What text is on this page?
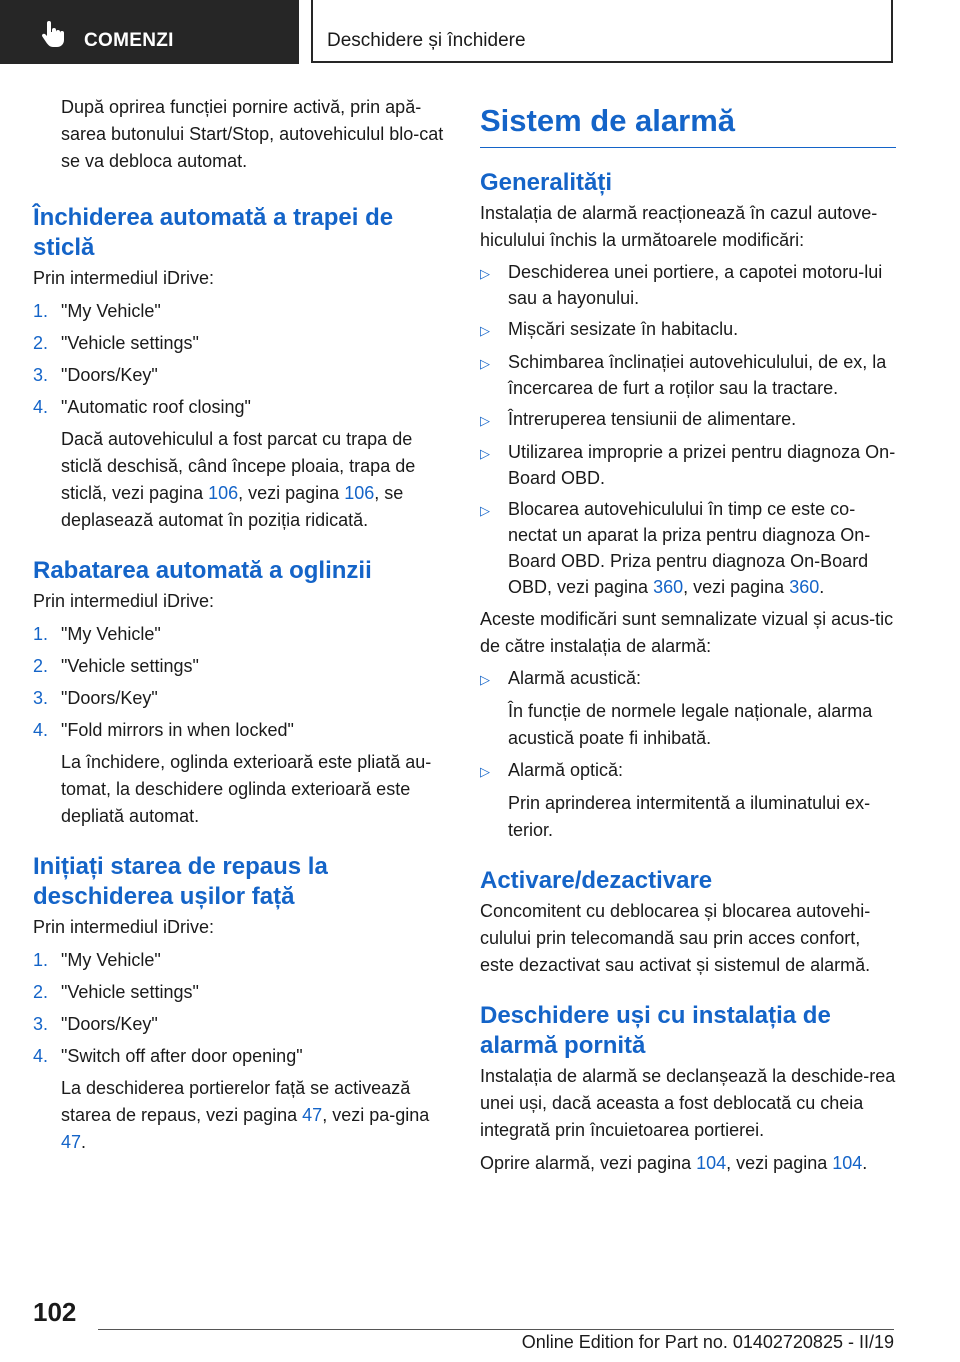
COMENZI	Deschidere și închidere

După oprirea funcției pornire activă, prin apă-sarea butonului Start/Stop, autovehiculul blo-cat se va debloca automat.

Închiderea automată a trapei de sticlă

Prin intermediul iDrive:

1. "My Vehicle"
2. "Vehicle settings"
3. "Doors/Key"
4. "Automatic roof closing"

Dacă autovehiculul a fost parcat cu trapa de sticlă deschisă, când începe ploaia, trapa de sticlă, vezi pagina 106, vezi pagina 106, se deplasează automat în poziția ridicată.

Rabatarea automată a oglinzii

Prin intermediul iDrive:

1. "My Vehicle"
2. "Vehicle settings"
3. "Doors/Key"
4. "Fold mirrors in when locked"

La închidere, oglinda exterioară este pliată au-tomat, la deschidere oglinda exterioară este depliată automat.

Inițiați starea de repaus la deschiderea ușilor față

Prin intermediul iDrive:

1. "My Vehicle"
2. "Vehicle settings"
3. "Doors/Key"
4. "Switch off after door opening"

La deschiderea portierelor față se activează starea de repaus, vezi pagina 47, vezi pa-gina 47.

Sistem de alarmă
Generalități

Instalația de alarmă reacționează în cazul autove-hiculului închis la următoarele modificări:

▷	Deschiderea unei portiere, a capotei motoru-lui sau a hayonului.
▷	Mișcări sesizate în habitaclu.
▷	Schimbarea înclinației autovehiculului, de ex, la încercarea de furt a roților sau la tractare.
▷	Întreruperea tensiunii de alimentare.
▷	Utilizarea improprie a prizei pentru diagnoza On-Board OBD.
▷	Blocarea autovehiculului în timp ce este co-nectat un aparat la priza pentru diagnoza On-Board OBD. Priza pentru diagnoza On-Board OBD, vezi pagina 360, vezi pagina 360.

Aceste modificări sunt semnalizate vizual și acus-tic de către instalația de alarmă:

▷	Alarmă acustică:

În funcție de normele legale naționale, alarma acustică poate fi inhibată.

▷	Alarmă optică:

Prin aprinderea intermitentă a iluminatului ex-terior.

Activare/dezactivare

Concomitent cu deblocarea și blocarea autovehi-culului prin telecomandă sau prin acces confort, este dezactivat sau activat și sistemul de alarmă.

Deschidere uși cu instalația de alarmă pornită

Instalația de alarmă se declanșează la deschide-rea unei uși, dacă aceasta a fost deblocată cu cheia integrată prin încuietoarea portierei.

Oprire alarmă, vezi pagina 104, vezi pagina 104.

102
Online Edition for Part no. 01402720825 - II/19
